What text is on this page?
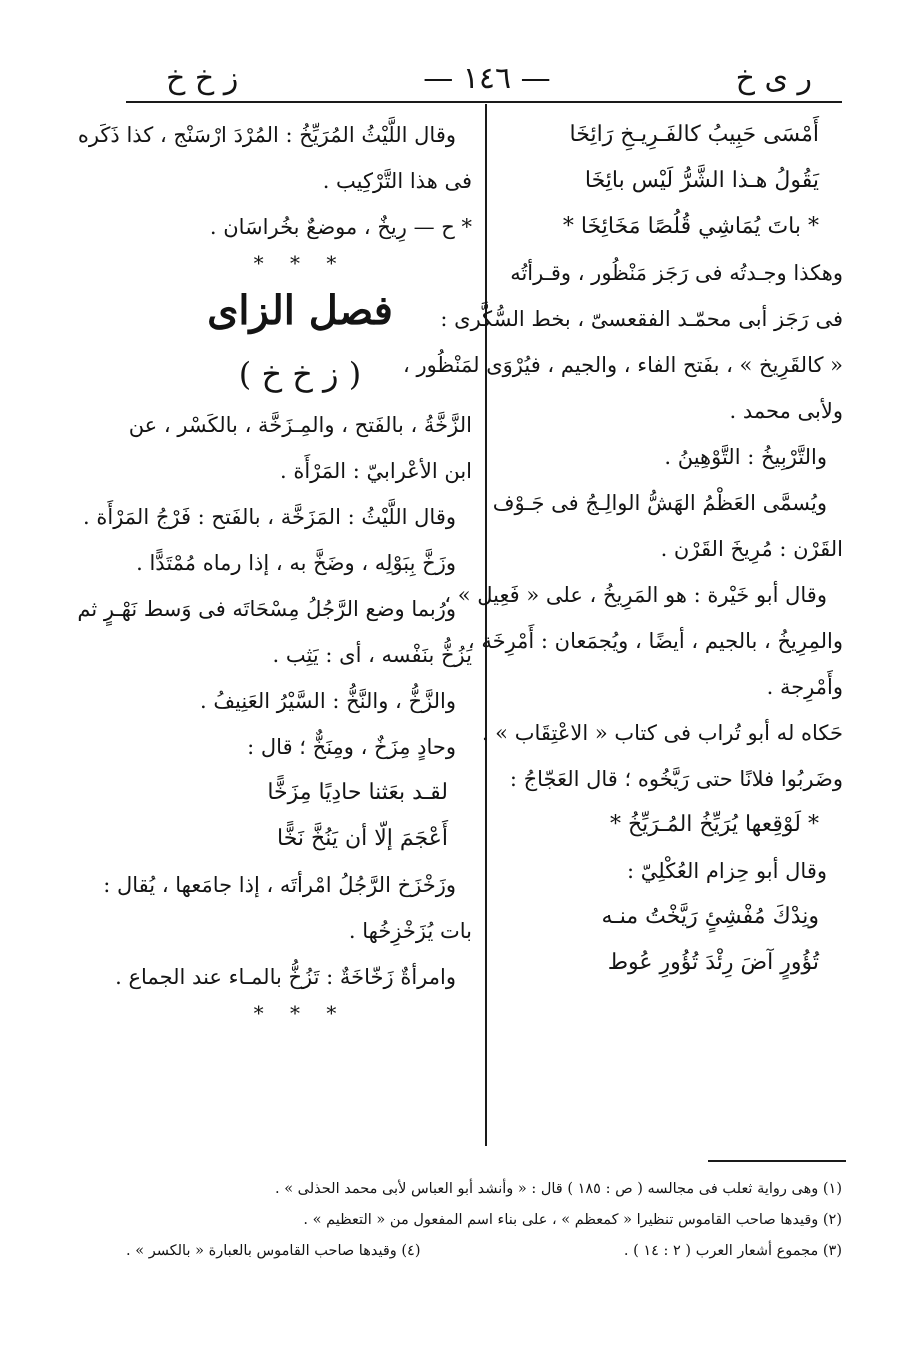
ر ى خ
— ١٤٦ —
ز خ خ
أَمْسَى حَبِيبُ كالفَـرِيـخِ رَائِخَا
يَقُولُ هـذا الشَّرُّ لَيْس بائِخَا
* باتَ يُمَاشِي قُلُصًا مَخَائِخَا *
وهكذا وجـدتُه فى رَجَز مَنْظُور ، وقـرأتُه
فى رَجَز أبى محمّـد الفقعسىّ ، بخط السُّكَّرى :
« كالقَرِيخ » ، بفَتح الفاء ، والجيم ، فيُرْوَى لمَنْظُور ،
ولأبى محمد .
والتَّرْبِيخُ : التَّوْهِينُ .
ويُسمَّى العَظْمُ الهَشُّ الوالِـجُ فى جَـوْف
القَرْن : مُرِيخَ القَرْن .
وقال أبو خَيْرة : هو المَرِيخُ ، على « فَعِيل » ،
والمِرِيخُ ، بالجيم ، أيضًا ، ويُجمَعان : أَمْرِخَة ،
وأَمْرِجة .
حَكاه له أبو تُراب فى كتاب « الاعْتِقَاب » .
وضَربُوا فلانًا حتى رَيَّخُوه ؛ قال العَجّاجُ :
* لَوْقِعها يُرَيِّخُ المُـرَيِّخُ *
وقال أبو حِزام العُكْلِيّ :
ونِدْكَ مُفْشِئٍ رَيَّخْتُ منـه
تُؤُورٍ آضَ رِئْدَ تُؤُورِ عُوط
وقال اللَّيْثُ المُرَيِّخُ : المُرْدَ ارْسَنْج ، كذا ذَكَره
فى هذا التَّرْكِيب .
* ح — رِيخٌ ، موضعٌ بخُراسَان .
* * *
فصل الزاى
( ز خ خ )
الزَّخَّةُ ، بالفَتح ، والمِـزَخَّة ، بالكَسْر ، عن
ابن الأعْرابيّ : المَرْأَة .
وقال اللَّيْثُ : المَزَخَّة ، بالفَتح : فَرْجُ المَرْأَة .
وزَخَّ بِبَوْلِه ، وضَخَّ به ، إذا رماه مُمْتَدًّا .
ورُبما وضع الرَّجُلُ مِسْحَاتَه فى وَسط نَهْـرٍ ثم
يَزُخُّ بنَفْسه ، أى : يَثِب .
والزَّخُّ ، والنَّخُّ : السَّيْرُ العَنِيفُ .
وحادٍ مِزَخٌ ، ومِنَخٌّ ؛ قال :
لقـد بعَثنا حادِيًا مِزَخًّا
أَعْجَمَ إلّا أن يَنُخَّ نَخًّا
وزَخْزَخ الرَّجُلُ امْرأتَه ، إذا جامَعها ، يُقال :
بات يُزَخْزِخُها .
وامرأةٌ زَخّاخَةٌ : تَزُخُّ بالمـاء عند الجماع .
* * *
(١) وهى رواية ثعلب فى مجالسه ( ص : ١٨٥ ) قال : « وأنشد أبو العباس لأبى محمد الحذلى » .
(٢) وقيدها صاحب القاموس تنظيرا « كمعظم » ، على بناء اسم المفعول من « التعظيم » .
(٣) مجموع أشعار العرب ( ٢ : ١٤ ) .
(٤) وقيدها صاحب القاموس بالعبارة « بالكسر » .
